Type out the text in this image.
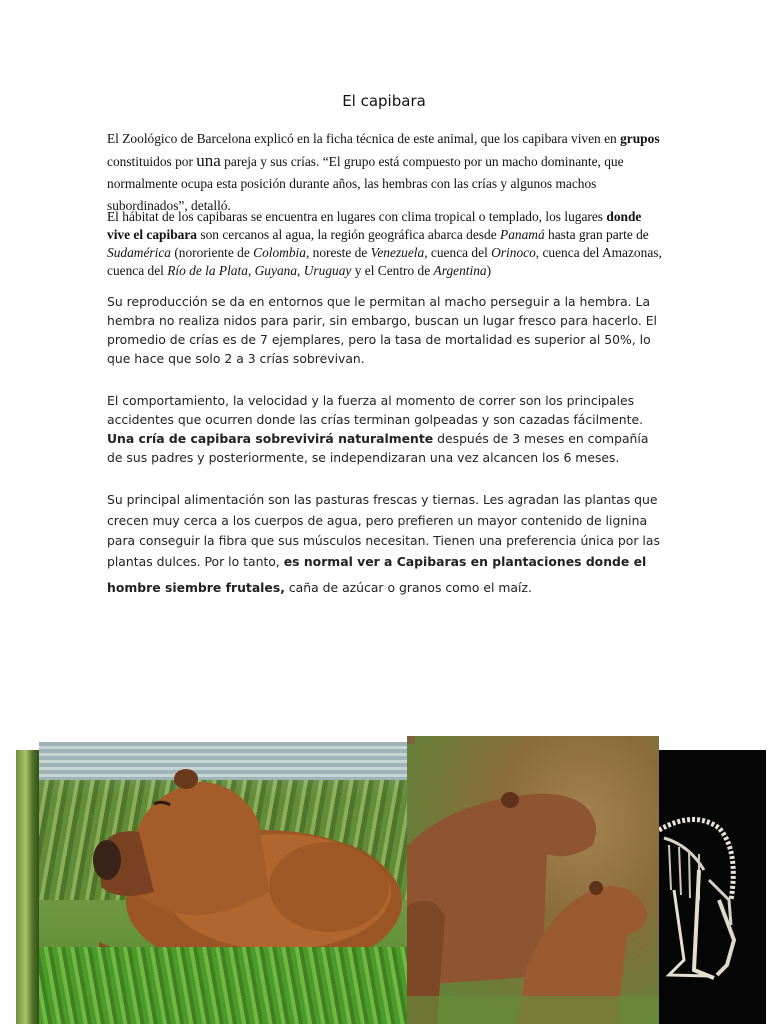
El capibara
El Zoológico de Barcelona explicó en la ficha técnica de este animal, que los capibara viven en grupos constituidos por una pareja y sus crías. “El grupo está compuesto por un macho dominante, que normalmente ocupa esta posición durante años, las hembras con las crías y algunos machos subordinados”, detalló.
El hábitat de los capibaras se encuentra en lugares con clima tropical o templado, los lugares donde vive el capibara son cercanos al agua, la región geográfica abarca desde Panamá hasta gran parte de Sudamérica (nororiente de Colombia, noreste de Venezuela, cuenca del Orinoco, cuenca del Amazonas, cuenca del Río de la Plata, Guyana, Uruguay y el Centro de Argentina)
Su reproducción se da en entornos que le permitan al macho perseguir a la hembra. La hembra no realiza nidos para parir, sin embargo, buscan un lugar fresco para hacerlo. El promedio de crías es de 7 ejemplares, pero la tasa de mortalidad es superior al 50%, lo que hace que solo 2 a 3 crías sobrevivan.
El comportamiento, la velocidad y la fuerza al momento de correr son los principales accidentes que ocurren donde las crías terminan golpeadas y son cazadas fácilmente. Una cría de capibara sobrevivirá naturalmente después de 3 meses en compañía de sus padres y posteriormente, se independizaran una vez alcancen los 6 meses.
Su principal alimentación son las pasturas frescas y tiernas. Les agradan las plantas que crecen muy cerca a los cuerpos de agua, pero prefieren un mayor contenido de lignina para conseguir la fibra que sus músculos necesitan. Tienen una preferencia única por las plantas dulces. Por lo tanto, es normal ver a Capibaras en plantaciones donde el
hombre siembre frutales, caña de azúcar o granos como el maíz.
